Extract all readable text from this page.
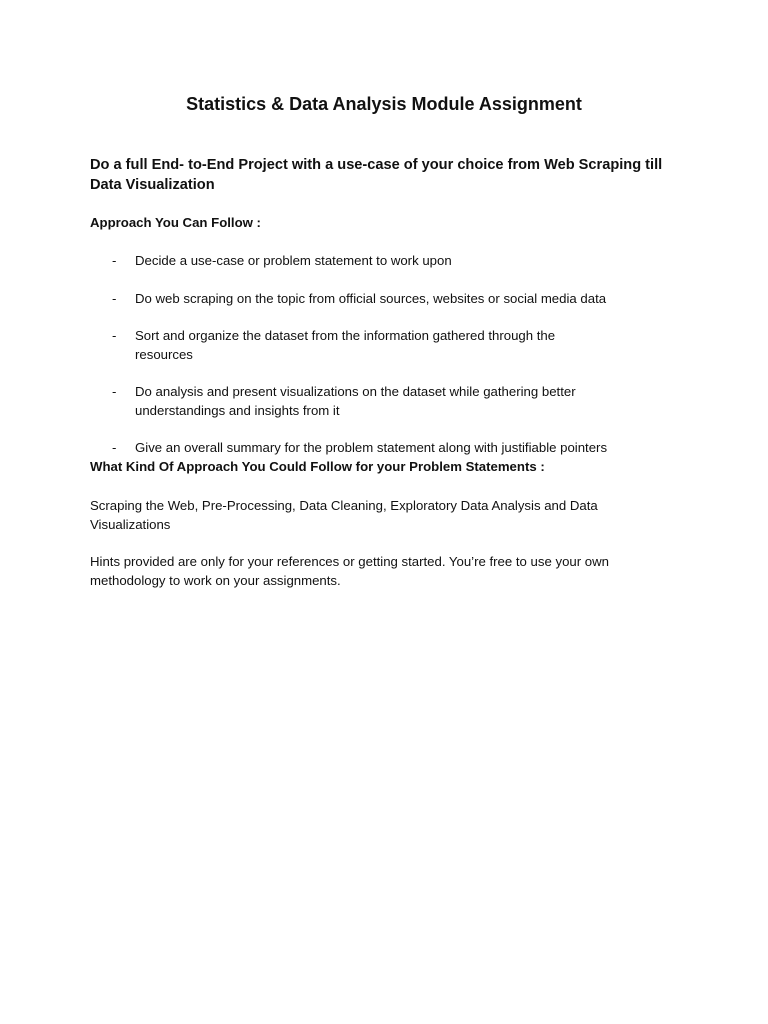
Statistics & Data Analysis Module Assignment
Do a full End- to-End Project with a use-case of your choice from Web Scraping till Data Visualization
Approach You Can Follow :
- Decide a use-case or problem statement to work upon
- Do web scraping on the topic from official sources, websites or social media data
- Sort and organize the dataset from the information gathered through the resources
- Do analysis and present visualizations on the dataset while gathering better understandings and insights from it
- Give an overall summary for the problem statement along with justifiable pointers
What Kind Of Approach You Could Follow for your Problem Statements :

Scraping the Web, Pre-Processing, Data Cleaning, Exploratory Data Analysis and Data Visualizations

Hints provided are only for your references or getting started. You’re free to use your own methodology to work on your assignments.
